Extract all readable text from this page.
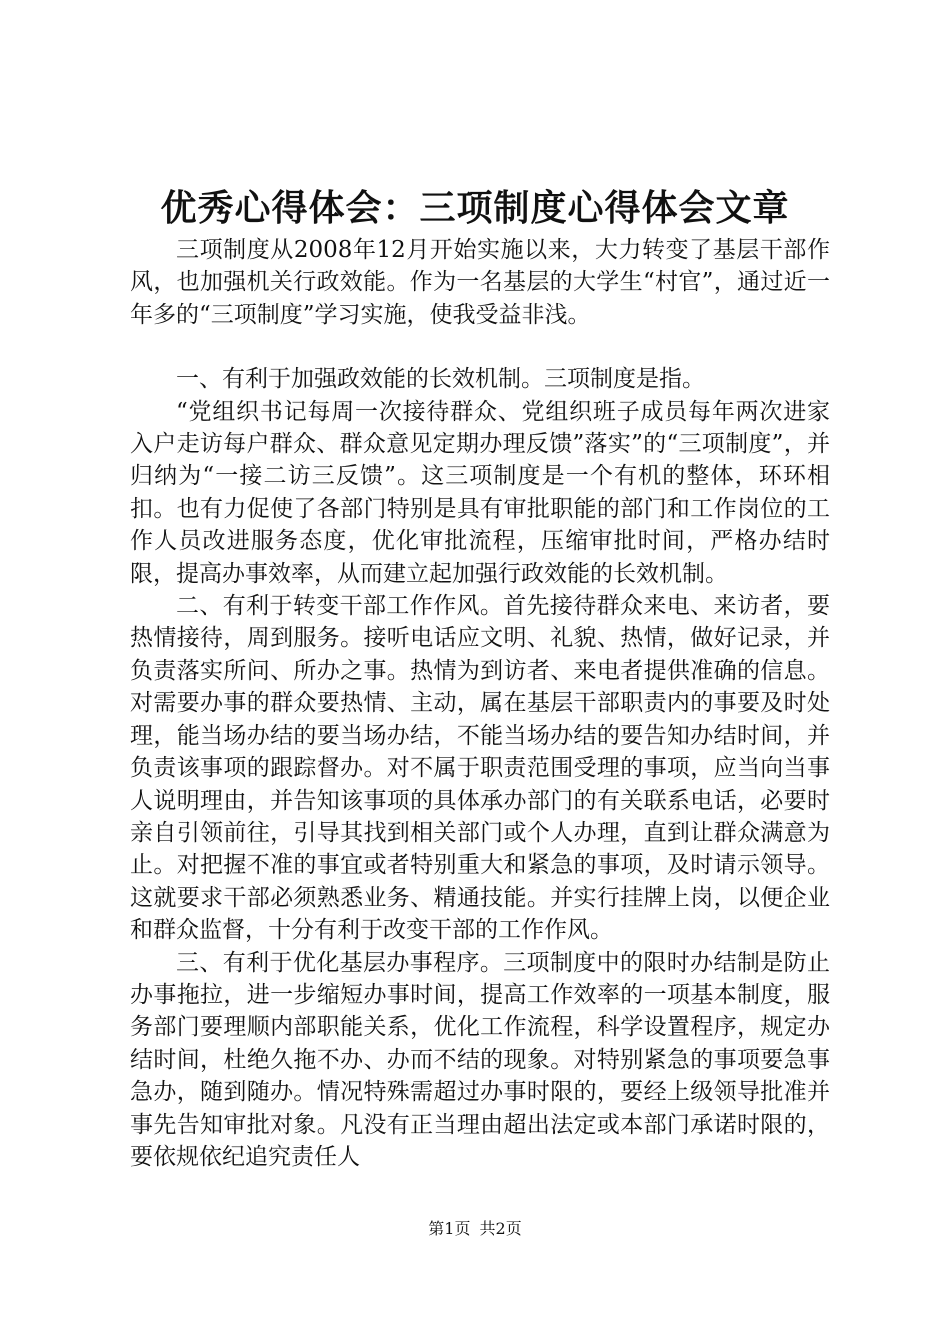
优秀心得体会：三项制度心得体会文章

三项制度从2008年12月开始实施以来，大力转变了基层干部作风，也加强机关行政效能。作为一名基层的大学生“村官”，通过近一年多的“三项制度”学习实施，使我受益非浅。

一、有利于加强政效能的长效机制。三项制度是指。

“党组织书记每周一次接待群众、党组织班子成员每年两次进家入户走访每户群众、群众意见定期办理反馈”落实”的“三项制度”，并归纳为“一接二访三反馈”。这三项制度是一个有机的整体，环环相扣。也有力促使了各部门特别是具有审批职能的部门和工作岗位的工作人员改进服务态度，优化审批流程，压缩审批时间，严格办结时限，提高办事效率，从而建立起加强行政效能的长效机制。

二、有利于转变干部工作作风。首先接待群众来电、来访者，要热情接待，周到服务。接听电话应文明、礼貌、热情，做好记录，并负责落实所问、所办之事。热情为到访者、来电者提供准确的信息。对需要办事的群众要热情、主动，属在基层干部职责内的事要及时处理，能当场办结的要当场办结，不能当场办结的要告知办结时间，并负责该事项的跟踪督办。对不属于职责范围受理的事项，应当向当事人说明理由，并告知该事项的具体承办部门的有关联系电话，必要时亲自引领前往，引导其找到相关部门或个人办理，直到让群众满意为止。对把握不准的事宜或者特别重大和紧急的事项，及时请示领导。这就要求干部必须熟悉业务、精通技能。并实行挂牌上岗，以便企业和群众监督，十分有利于改变干部的工作作风。

三、有利于优化基层办事程序。三项制度中的限时办结制是防止办事拖拉，进一步缩短办事时间，提高工作效率的一项基本制度，服务部门要理顺内部职能关系，优化工作流程，科学设置程序，规定办结时间，杜绝久拖不办、办而不结的现象。对特别紧急的事项要急事急办，随到随办。情况特殊需超过办事时限的，要经上级领导批准并事先告知审批对象。凡没有正当理由超出法定或本部门承诺时限的，要依规依纪追究责任人

第1页 共2页
